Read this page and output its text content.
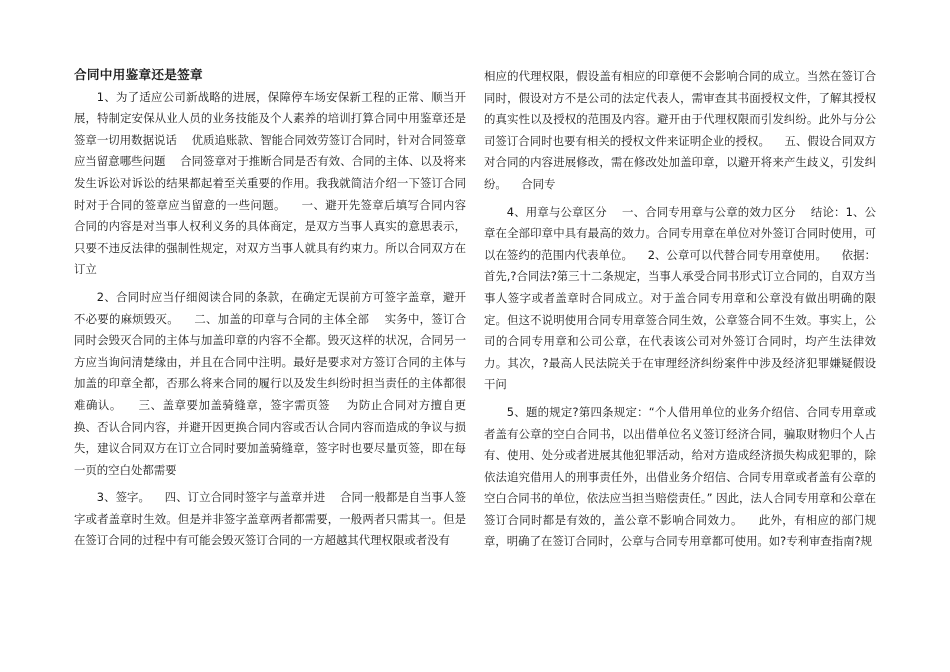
合同中用鉴章还是签章

1、为了适应公司新战略的进展，保障停车场安保新工程的正常、顺当开展，特制定安保从业人员的业务技能及个人素养的培训打算合同中用鉴章还是签章一切用数据说话    优质追账款、智能合同效劳签订合同时，针对合同签章应当留意哪些问题    合同签章对于推断合同是否有效、合同的主体、以及将来发生诉讼对诉讼的结果都起着至关重要的作用。我我就简洁介绍一下签订合同时对于合同的签章应当留意的一些问题。    一、避开先签章后填写合同内容    合同的内容是对当事人权利义务的具体商定，是双方当事人真实的意思表示，只要不违反法律的强制性规定，对双方当事人就具有约束力。所以合同双方在订立

2、合同时应当仔细阅读合同的条款，在确定无误前方可签字盖章，避开不必要的麻烦毁灭。    二、加盖的印章与合同的主体全部    实务中，签订合同时会毁灭合同的主体与加盖印章的内容不全都。毁灭这样的状况，合同另一方应当询问清楚缘由，并且在合同中注明。最好是要求对方签订合同的主体与加盖的印章全都，否那么将来合同的履行以及发生纠纷时担当责任的主体都很难确认。    三、盖章要加盖骑缝章，签字需页签    为防止合同对方擅自更换、否认合同内容，并避开因更换合同内容或否认合同内容而造成的争议与损失，建议合同双方在订立合同时要加盖骑缝章，签字时也要尽量页签，即在每一页的空白处都需要

3、签字。    四、订立合同时签字与盖章并进    合同一般都是自当事人签字或者盖章时生效。但是并非签字盖章两者都需要，一般两者只需其一。但是在签订合同的过程中有可能会毁灭签订合同的一方超越其代理权限或者没有

相应的代理权限，假设盖有相应的印章便不会影响合同的成立。当然在签订合同时，假设对方不是公司的法定代表人，需审查其书面授权文件，了解其授权的真实性以及授权的范围及内容。避开由于代理权限而引发纠纷。此外与分公司签订合同时也要有相关的授权文件来证明企业的授权。    五、假设合同双方对合同的内容进展修改，需在修改处加盖印章，以避开将来产生歧义，引发纠纷。    合同专

4、用章与公章区分    一、合同专用章与公章的效力区分    结论：1、公章在全部印章中具有最高的效力。合同专用章在单位对外签订合同时使用，可以在签约的范围内代表单位。    2、公章可以代替合同专用章使用。    依据：    首先,?合同法?第三十二条规定，当事人承受合同书形式订立合同的，自双方当事人签字或者盖章时合同成立。对于盖合同专用章和公章没有做出明确的限定。但这不说明使用合同专用章签合同生效，公章签合同不生效。事实上，公司的合同专用章和公司公章，在代表该公司对外签订合同时，均产生法律效力。其次，?最高人民法院关于在审理经济纠纷案件中涉及经济犯罪嫌疑假设干问

5、题的规定?第四条规定：“个人借用单位的业务介绍信、合同专用章或者盖有公章的空白合同书，以出借单位名义签订经济合同，骗取财物归个人占有、使用、处分或者进展其他犯罪活动，给对方造成经济损失构成犯罪的，除依法追究借用人的刑事责任外，出借业务介绍信、合同专用章或者盖有公章的空白合同书的单位，依法应当担当赔偿责任。” 因此，法人合同专用章和公章在签订合同时都是有效的，盖公章不影响合同效力。    此外，有相应的部门规章，明确了在签订合同时，公章与合同专用章都可使用。如?专利审查指南?规
